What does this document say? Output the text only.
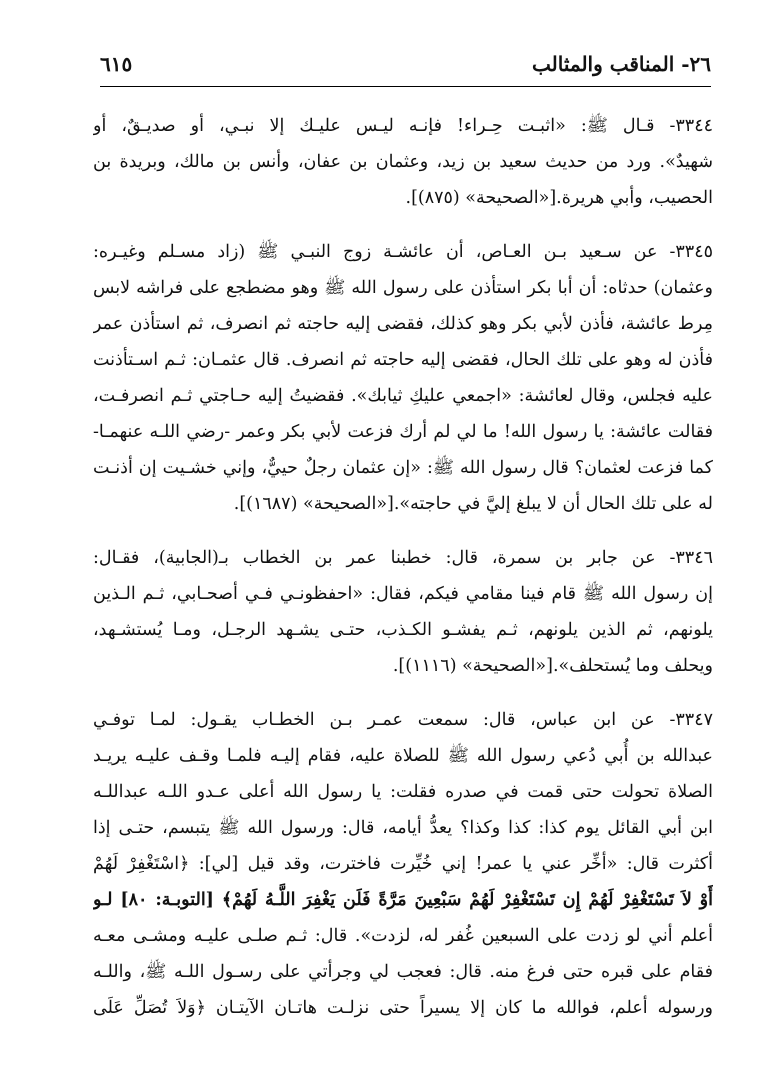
٢٦- المناقب والمثالب
٦١٥
٣٣٤٤- قـال ﷺ: «اثبـت حِـراء! فإنـه ليـس عليـك إلا نبـي، أو صديـقٌ، أو
شهيدٌ». ورد من حديث سعيد بن زيد، وعثمان بن عفان، وأنس بن مالك، وبريدة بن
الحصيب، وأبي هريرة.[«الصحيحة» (٨٧٥)].
٣٣٤٥- عن سـعيد بـن العـاص، أن عائشـة زوج النبـي ﷺ (زاد مسـلم وغيـره:
وعثمان) حدثاه: أن أبا بكر استأذن على رسول الله ﷺ وهو مضطجع على فراشه لابس
مِرط عائشة، فأذن لأبي بكر وهو كذلك، فقضى إليه حاجته ثم انصرف، ثم استأذن عمر
فأذن له وهو على تلك الحال، فقضى إليه حاجته ثم انصرف. قال عثمـان: ثـم اسـتأذنت
عليه فجلس، وقال لعائشة: «اجمعي عليكِ ثيابك». فقضيتُ إليه حـاجتي ثـم انصرفـت،
فقالت عائشة: يا رسول الله! ما لي لم أرك فزعت لأبي بكر وعمر -رضي اللـه عنهمـا-
كما فزعت لعثمان؟ قال رسول الله ﷺ: «إن عثمان رجلٌ حييٌّ، وإني خشـيت إن أذنـت
له على تلك الحال أن لا يبلغ إليَّ في حاجته».[«الصحيحة» (١٦٨٧)].
٣٣٤٦- عن جابر بن سمرة، قال: خطبنا عمر بن الخطاب بـ(الجابية)، فقـال:
إن رسول الله ﷺ قام فينا مقامي فيكم، فقال: «احفظونـي فـي أصحـابي، ثـم الـذين
يلونهم، ثم الذين يلونهم، ثـم يفشـو الكـذب، حتـى يشـهد الرجـل، ومـا يُستشـهد،
ويحلف وما يُستحلف».[«الصحيحة» (١١١٦)].
٣٣٤٧- عن ابن عباس، قال: سمعت عمـر بـن الخطـاب يقـول: لمـا توفـي
عبدالله بن أُبي دُعي رسول الله ﷺ للصلاة عليه، فقام إليـه فلمـا وقـف عليـه يريـد
الصلاة تحولت حتى قمت في صدره فقلت: يا رسول الله أعلى عـدو اللـه عبداللـه
ابن أبي القائل يوم كذا: كذا وكذا؟ يعدُّ أيامه، قال: ورسول الله ﷺ يتبسم، حتـى إذا
أكثرت قال: «أخِّر عني يا عمر! إني خُيِّرت فاخترت، وقد قيل [لي]: ﴿اسْتَغْفِرْ لَهُمْ
أَوْ لاَ تَسْتَغْفِرْ لَهُمْ إِن تَسْتَغْفِرْ لَهُمْ سَبْعِينَ مَرَّةً فَلَن يَغْفِرَ اللَّـهُ لَهُمْ﴾ [التوبـة: ٨٠] لـو
أعلم أني لو زدت على السبعين غُفر له، لزدت». قال: ثـم صلـى عليـه ومشـى معـه
فقام على قبره حتى فرغ منه. قال: فعجب لي وجرأتي على رسـول اللـه ﷺ، واللـه
ورسوله أعلم، فوالله ما كان إلا يسيراً حتى نزلـت هاتـان الآيتـان ﴿وَلاَ تُصَلِّ عَلَى
